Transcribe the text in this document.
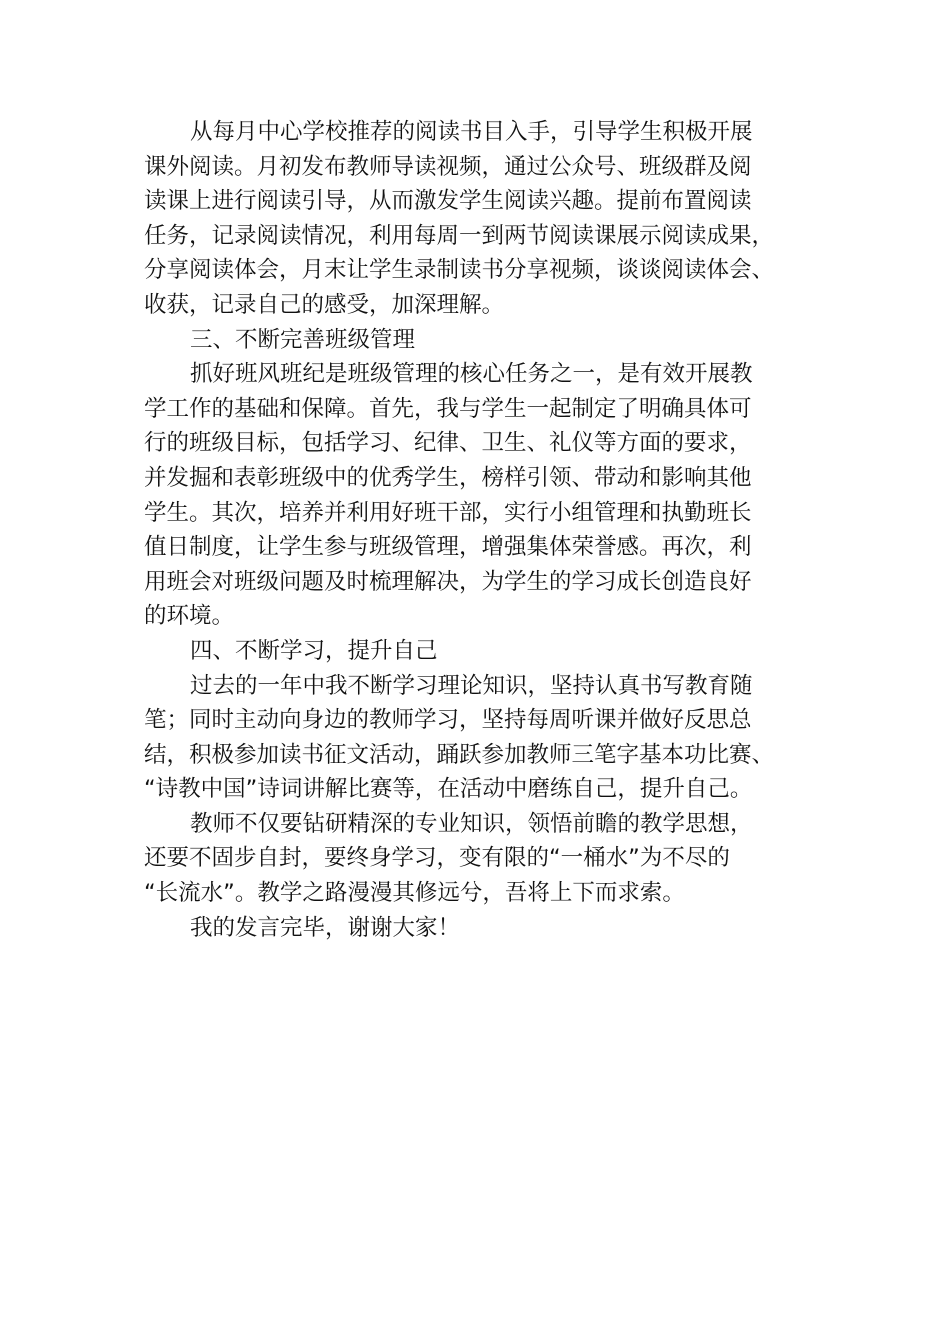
从每月中心学校推荐的阅读书目入手，引导学生积极开展
课外阅读。月初发布教师导读视频，通过公众号、班级群及阅
读课上进行阅读引导，从而激发学生阅读兴趣。提前布置阅读
任务，记录阅读情况，利用每周一到两节阅读课展示阅读成果，
分享阅读体会，月末让学生录制读书分享视频，谈谈阅读体会、
收获，记录自己的感受，加深理解。
三、不断完善班级管理
抓好班风班纪是班级管理的核心任务之一，是有效开展教
学工作的基础和保障。首先，我与学生一起制定了明确具体可
行的班级目标，包括学习、纪律、卫生、礼仪等方面的要求，
并发掘和表彰班级中的优秀学生，榜样引领、带动和影响其他
学生。其次，培养并利用好班干部，实行小组管理和执勤班长
值日制度，让学生参与班级管理，增强集体荣誉感。再次，利
用班会对班级问题及时梳理解决，为学生的学习成长创造良好
的环境。
四、不断学习，提升自己
过去的一年中我不断学习理论知识，坚持认真书写教育随
笔；同时主动向身边的教师学习，坚持每周听课并做好反思总
结，积极参加读书征文活动，踊跃参加教师三笔字基本功比赛、
“诗教中国”诗词讲解比赛等，在活动中磨练自己，提升自己。
教师不仅要钻研精深的专业知识，领悟前瞻的教学思想，
还要不固步自封，要终身学习，变有限的“一桶水”为不尽的
“长流水”。教学之路漫漫其修远兮，吾将上下而求索。
我的发言完毕，谢谢大家！
